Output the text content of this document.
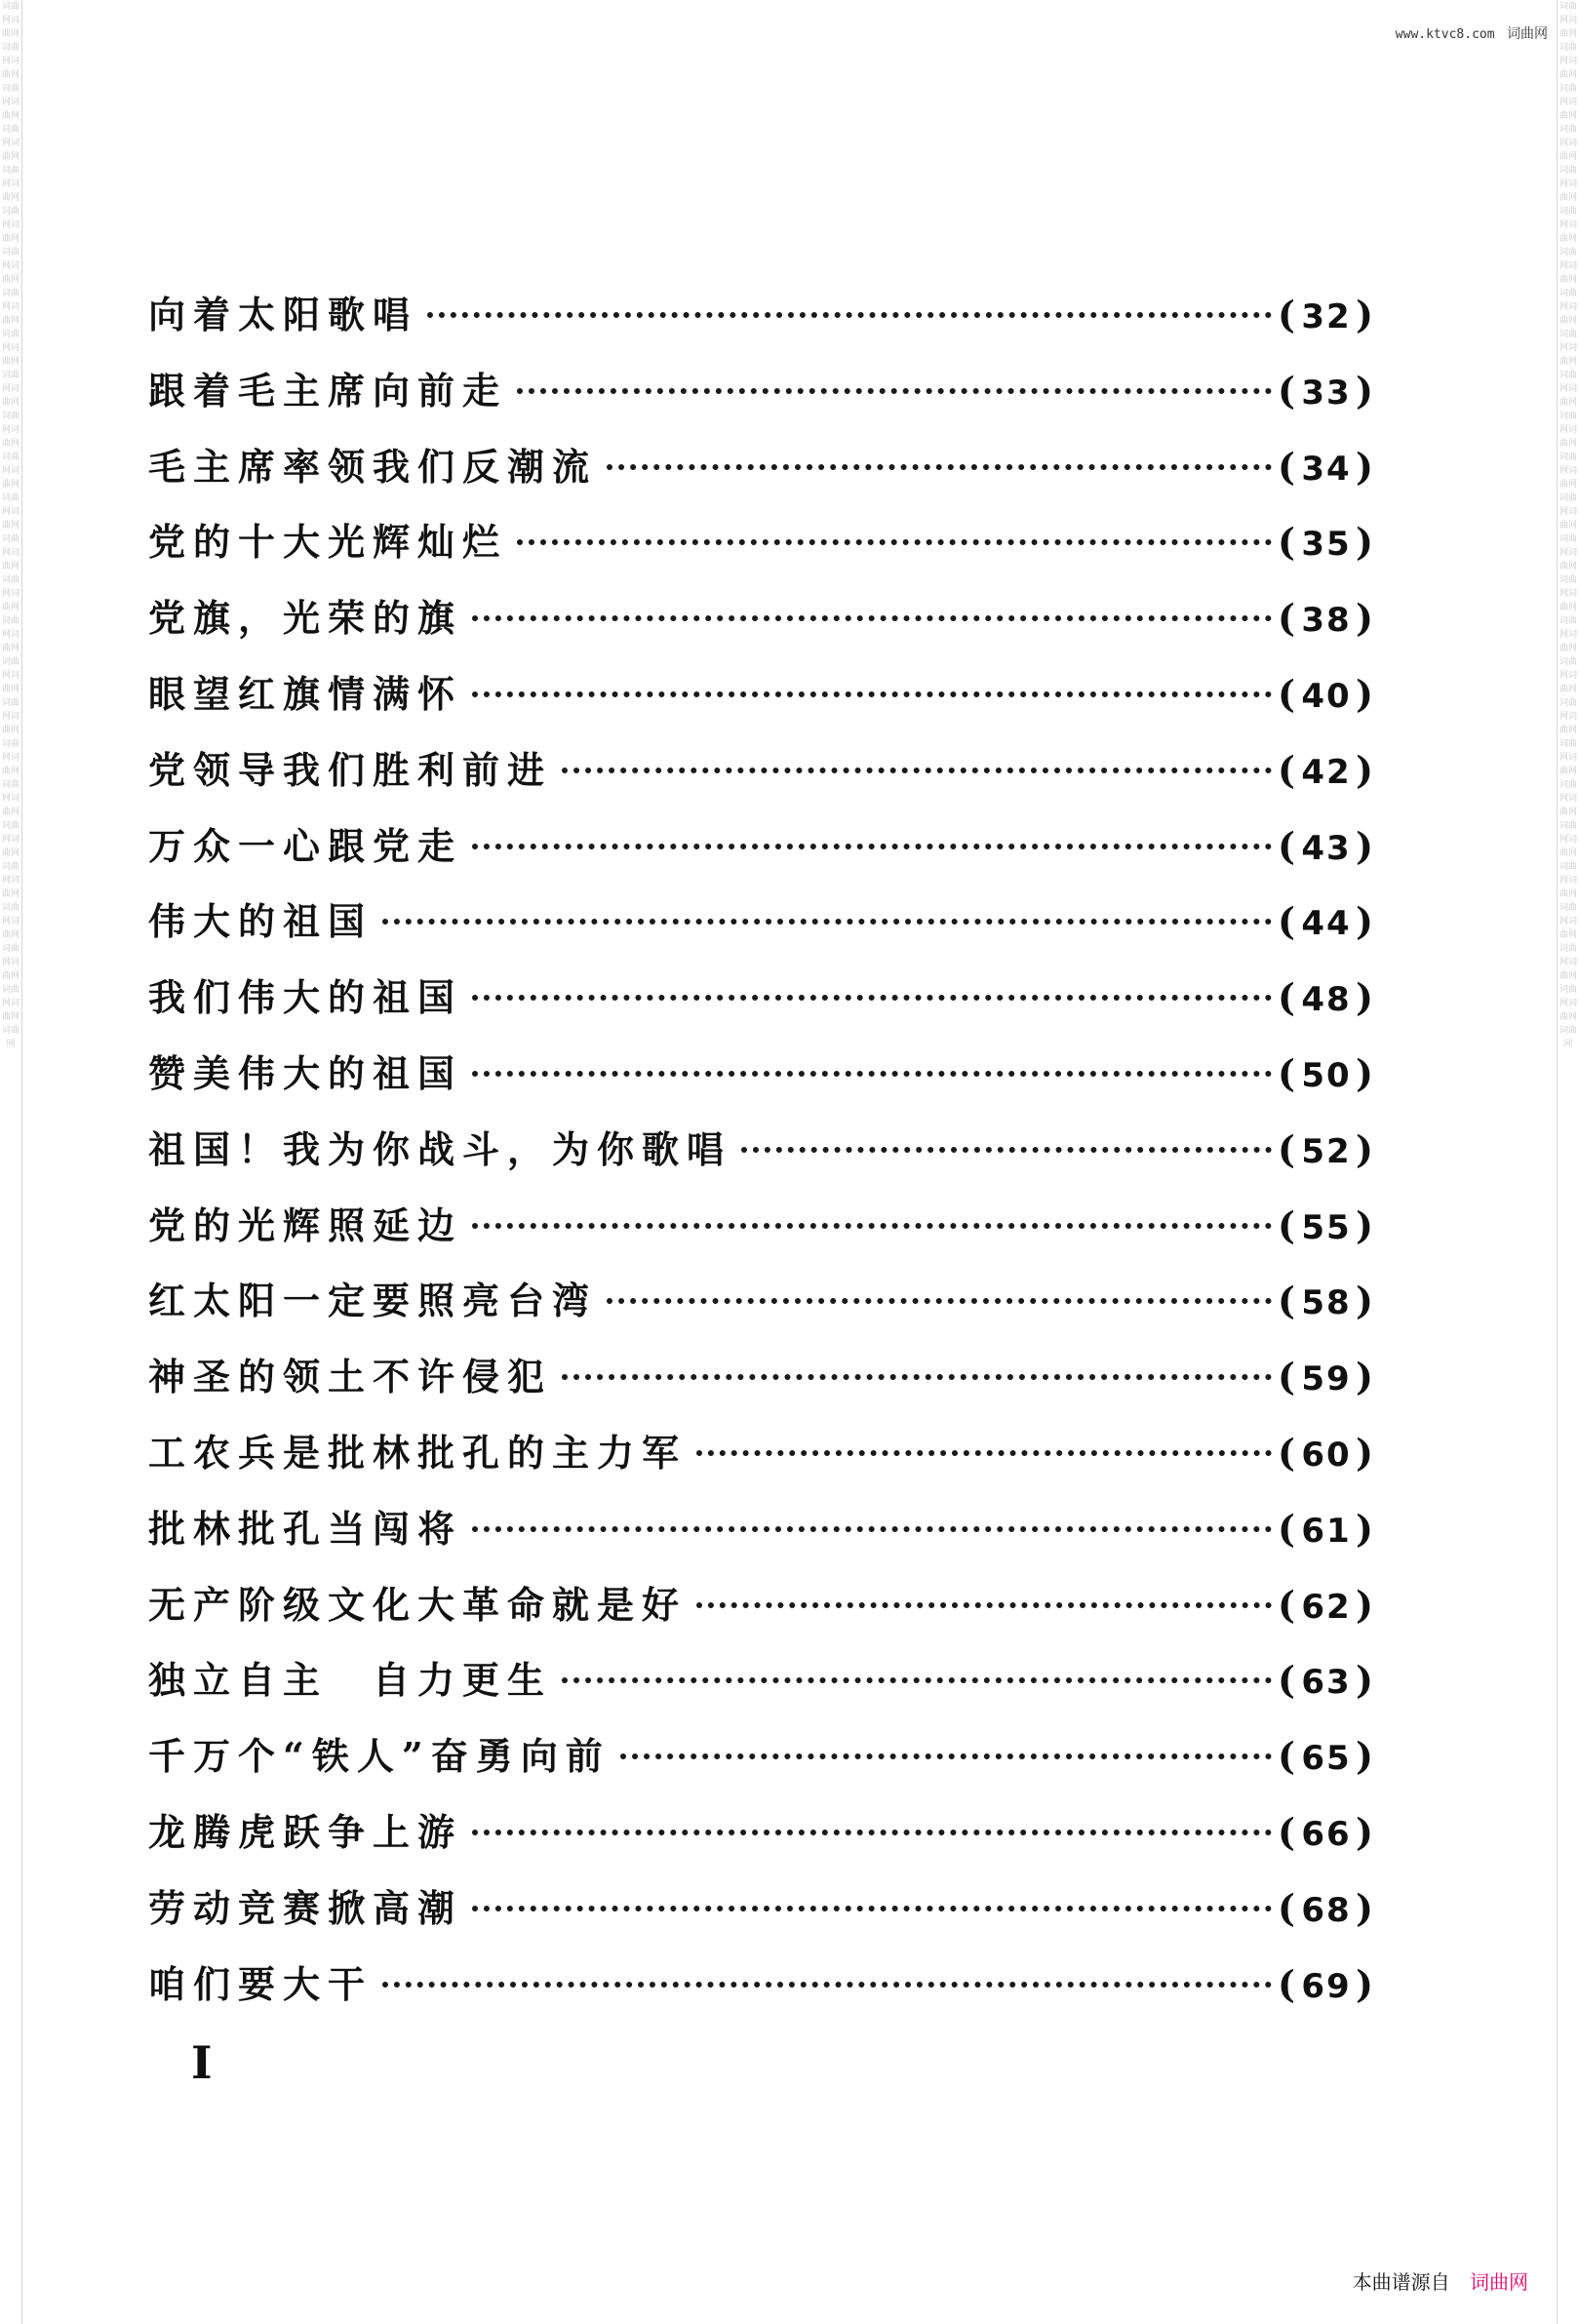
词曲网词曲网词曲网词曲网词曲网词曲网词曲网词曲网词曲网词曲网词曲网词曲网词曲网词曲网词曲网词曲网词曲网词曲网词曲网词曲网词曲网词曲网词曲网词曲网词曲网词曲网词曲网词曲网词曲网词曲网词曲网词曲网词曲网词曲网词曲网词曲网词曲网词曲网词曲网词曲网词曲网词曲网词曲网词曲网词曲网词曲网词曲网词曲网词曲网词曲网词曲网
词曲网词曲网词曲网词曲网词曲网词曲网词曲网词曲网词曲网词曲网词曲网词曲网词曲网词曲网词曲网词曲网词曲网词曲网词曲网词曲网词曲网词曲网词曲网词曲网词曲网词曲网词曲网词曲网词曲网词曲网词曲网词曲网词曲网词曲网词曲网词曲网词曲网词曲网词曲网词曲网词曲网词曲网词曲网词曲网词曲网词曲网词曲网词曲网词曲网词曲网词曲网
www.ktvc8.com 词曲网
向着太阳歌唱	( 32 )
跟着毛主席向前走	( 33 )
毛主席率领我们反潮流	( 34 )
党的十大光辉灿烂	( 35 )
党旗，光荣的旗	( 38 )
眼望红旗情满怀	( 40 )
党领导我们胜利前进	( 42 )
万众一心跟党走	( 43 )
伟大的祖国	( 44 )
我们伟大的祖国	( 48 )
赞美伟大的祖国	( 50 )
祖国！我为你战斗，为你歌唱	( 52 )
党的光辉照延边	( 55 )
红太阳一定要照亮台湾	( 58 )
神圣的领土不许侵犯	( 59 )
工农兵是批林批孔的主力军	( 60 )
批林批孔当闯将	( 61 )
无产阶级文化大革命就是好	( 62 )
独立自主　自力更生	( 63 )
千万个“铁人”奋勇向前	( 65 )
龙腾虎跃争上游	( 66 )
劳动竞赛掀高潮	( 68 )
咱们要大干	( 69 )
I
本曲谱源自 词曲网
